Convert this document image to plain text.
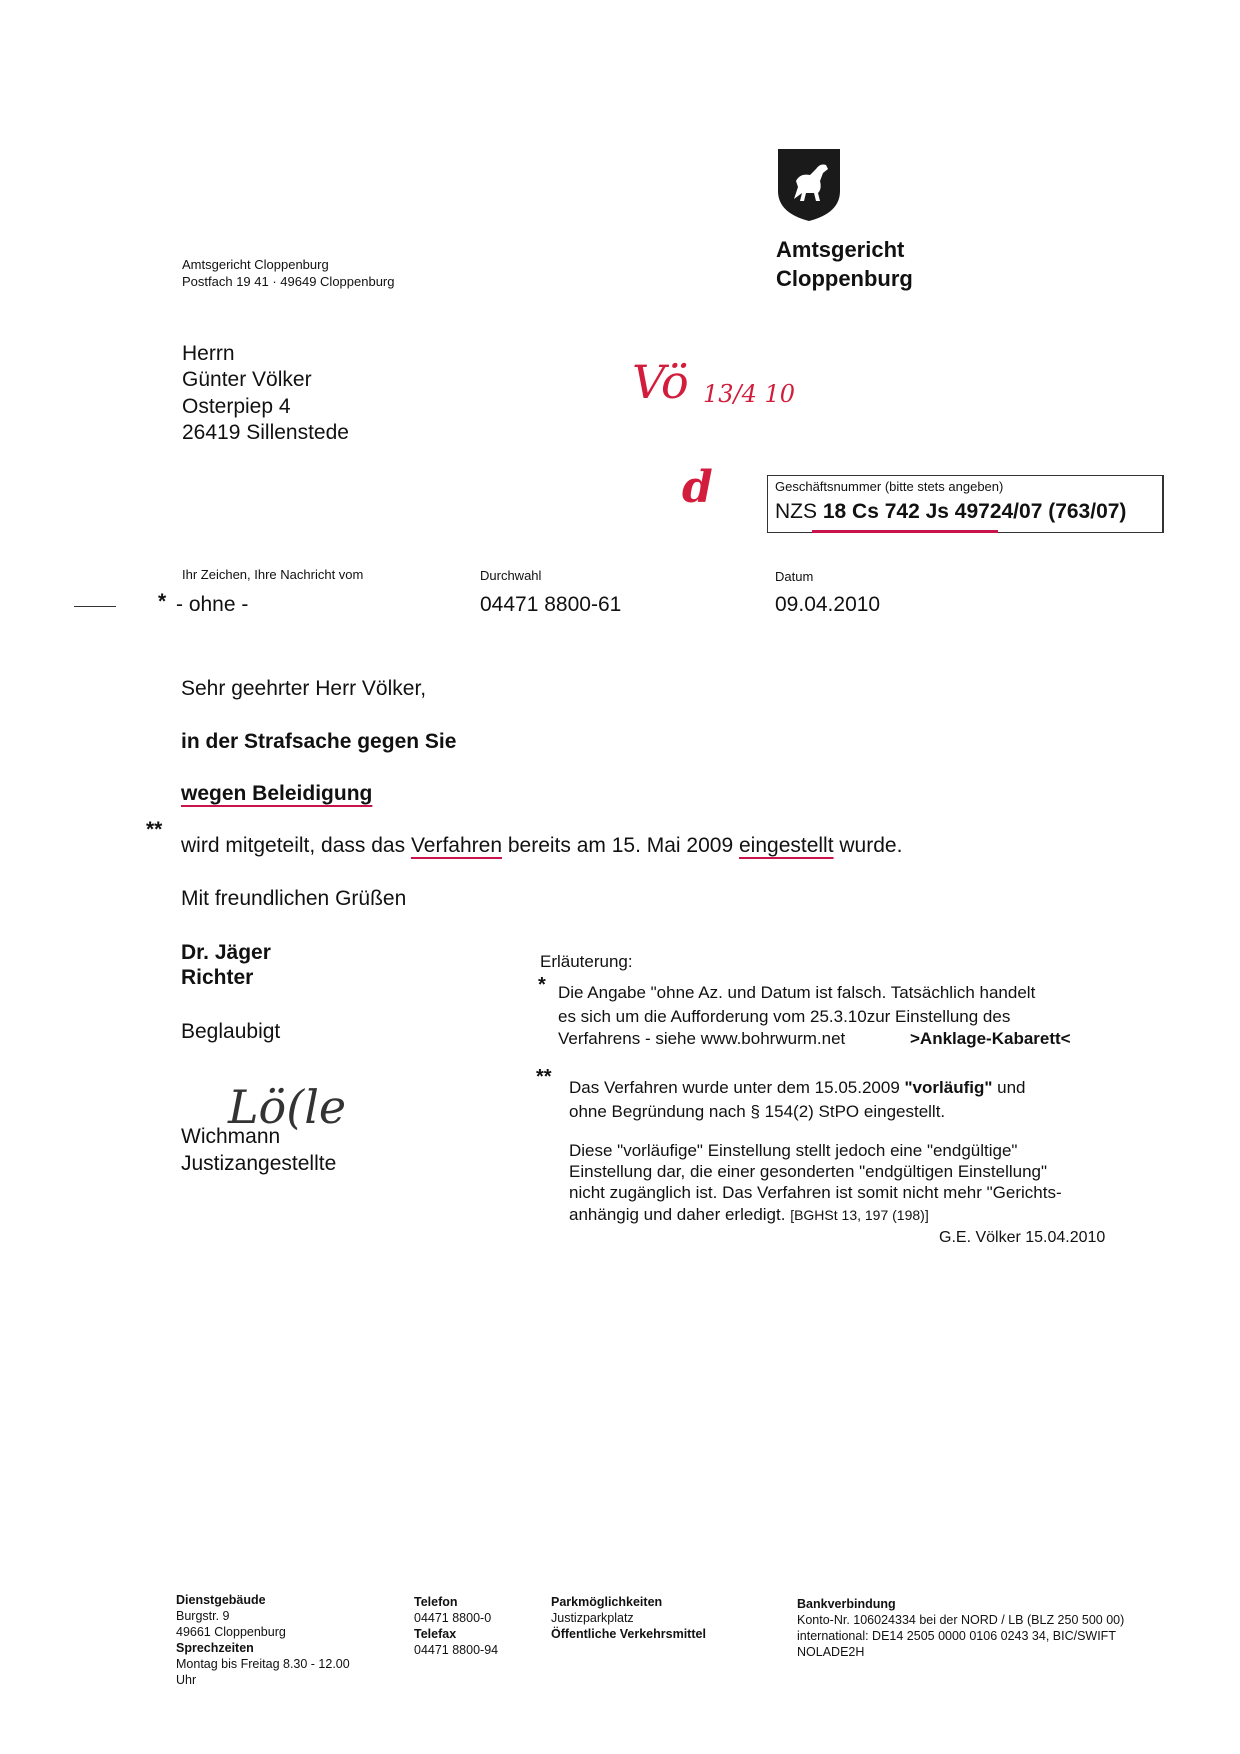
Amtsgericht Cloppenburg
Postfach 19 41 · 49649 Cloppenburg
Amtsgericht
Cloppenburg
Herrn
Günter Völker
Osterpiep 4
26419 Sillenstede
Vö 13/4 10
d	Geschäftsnummer (bitte stets angeben)
NZS 18 Cs 742 Js 49724/07 (763/07)
Ihr Zeichen, Ihre Nachricht vom
* - ohne -
Durchwahl
04471 8800-61
Datum
09.04.2010
Sehr geehrter Herr Völker,
in der Strafsache gegen Sie
wegen Beleidigung
**
wird mitgeteilt, dass das Verfahren bereits am 15. Mai 2009 eingestellt wurde.
Mit freundlichen Grüßen
Dr. Jäger
Richter
Beglaubigt
Lö(le
Wichmann
Justizangestellte
Erläuterung:
* Die Angabe "ohne Az. und Datum ist falsch. Tatsächlich handelt
es sich um die Aufforderung vom 25.3.10zur Einstellung des
Verfahrens - siehe www.bohrwurm.net	>Anklage-Kabarett<
** Das Verfahren wurde unter dem 15.05.2009 "vorläufig" und
ohne Begründung nach § 154(2) StPO eingestellt.
Diese "vorläufige" Einstellung stellt jedoch eine "endgültige"
Einstellung dar, die einer gesonderten "endgültigen Einstellung"
nicht zugänglich ist. Das Verfahren ist somit nicht mehr "Gerichts-
anhängig und daher erledigt. [BGHSt 13, 197 (198)]
G.E. Völker 15.04.2010
Dienstgebäude
Burgstr. 9
49661 Cloppenburg
Sprechzeiten
Montag bis Freitag 8.30 - 12.00
Uhr
Telefon
04471 8800-0
Telefax
04471 8800-94
Parkmöglichkeiten
Justizparkplatz
Öffentliche Verkehrsmittel
Bankverbindung
Konto-Nr. 106024334 bei der NORD / LB (BLZ 250 500 00)
international: DE14 2505 0000 0106 0243 34, BIC/SWIFT
NOLADE2H
